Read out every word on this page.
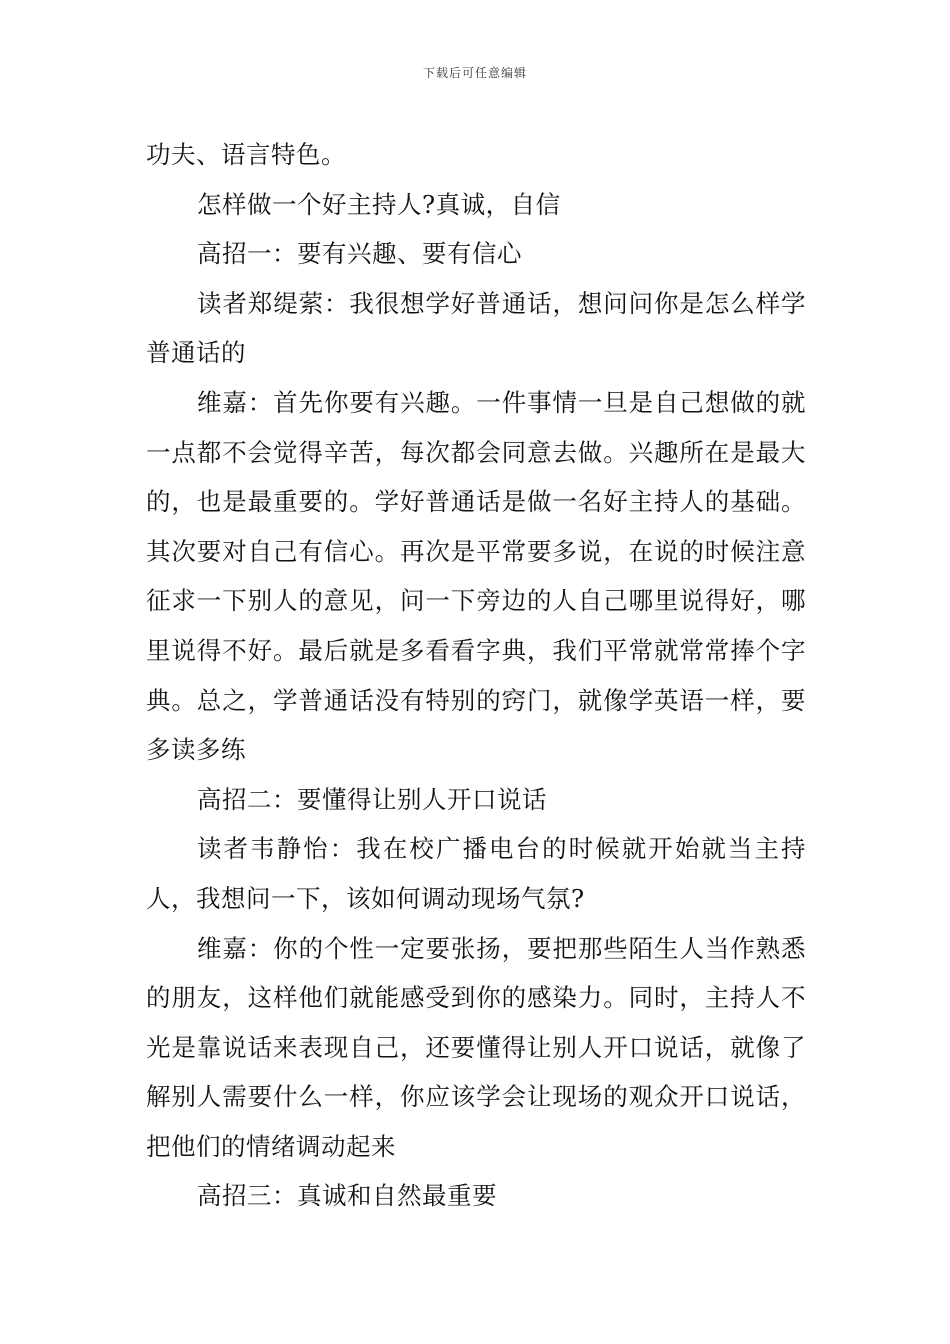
下载后可任意编辑

功夫、语言特色。

怎样做一个好主持人?真诚，自信

高招一：要有兴趣、要有信心

读者郑缇萦：我很想学好普通话，想问问你是怎么样学普通话的

维嘉：首先你要有兴趣。一件事情一旦是自己想做的就一点都不会觉得辛苦，每次都会同意去做。兴趣所在是最大的，也是最重要的。学好普通话是做一名好主持人的基础。其次要对自己有信心。再次是平常要多说，在说的时候注意征求一下别人的意见，问一下旁边的人自己哪里说得好，哪里说得不好。最后就是多看看字典，我们平常就常常捧个字典。总之，学普通话没有特别的窍门，就像学英语一样，要多读多练

高招二：要懂得让别人开口说话

读者韦静怡：我在校广播电台的时候就开始就当主持人，我想问一下，该如何调动现场气氛?

维嘉：你的个性一定要张扬，要把那些陌生人当作熟悉的朋友，这样他们就能感受到你的感染力。同时，主持人不光是靠说话来表现自己，还要懂得让别人开口说话，就像了解别人需要什么一样，你应该学会让现场的观众开口说话，把他们的情绪调动起来

高招三：真诚和自然最重要
